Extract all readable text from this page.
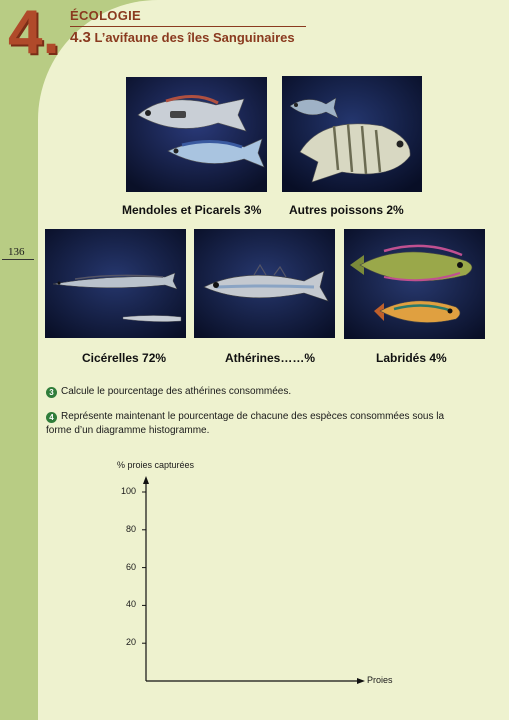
4. ÉCOLOGIE
4.3 L’avifaune des îles Sanguinaires
136
Mendoles et Picarels 3% Autres poissons 2%
Cicérelles 72%	Athérines……%	Labridés 4%
3 Calcule le pourcentage des athérines consommées.
4 Représente maintenant le pourcentage de chacune des espèces consommées sous la forme d’un diagramme histogramme.
% proies capturées
Proies
20
40
60
80
100
